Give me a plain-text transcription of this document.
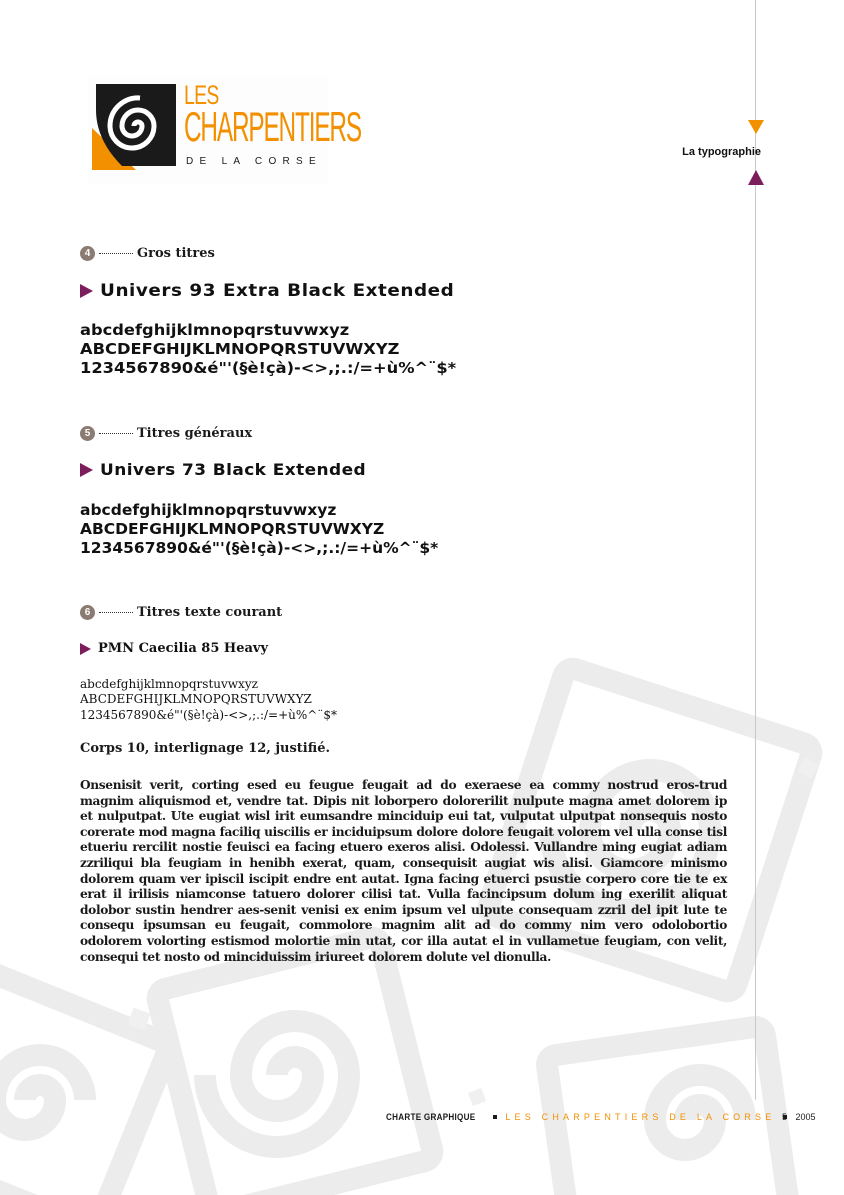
LES
CHARPENTIERS
DE LA CORSE
La typographie
4	Gros titres
Univers 93 Extra Black Extended
abcdefghijklmnopqrstuvwxyz
ABCDEFGHIJKLMNOPQRSTUVWXYZ
1234567890&é"'(§è!çà)-<>,;.:/=+ù%^¨$*
5	Titres généraux
Univers 73 Black Extended
abcdefghijklmnopqrstuvwxyz
ABCDEFGHIJKLMNOPQRSTUVWXYZ
1234567890&é"'(§è!çà)-<>,;.:/=+ù%^¨$*
6	Titres texte courant
PMN Caecilia 85 Heavy
abcdefghijklmnopqrstuvwxyz
ABCDEFGHIJKLMNOPQRSTUVWXYZ
1234567890&é"'(§è!çà)-<>,;.:/=+ù%^¨$*
Corps 10, interlignage 12, justifié.
Onsenisit verit, corting esed eu feugue feugait ad do exeraese ea commy nostrud eros-trud magnim aliquismod et, vendre tat. Dipis nit loborpero dolorerilit nulpute magna amet dolorem ip et nulputpat. Ute eugiat wisl irit eumsandre minciduip eui tat, vulputat ulputpat nonsequis nosto corerate mod magna faciliq uiscilis er inciduipsum dolore dolore feugait volorem vel ulla conse tisl etueriu rercilit nostie feuisci ea facing etuero exeros alisi. Odolessi. Vullandre ming eugiat adiam zzriliqui bla feugiam in henibh exerat, quam, consequisit augiat wis alisi. Giamcore minismo dolorem quam ver ipiscil iscipit endre ent autat. Igna facing etuerci psustie corpero core tie te ex erat il irilisis niamconse tatuero dolorer cilisi tat. Vulla facincipsum dolum ing exerilit aliquat dolobor sustin hendrer aes-senit venisi ex enim ipsum vel ulpute consequam zzril del ipit lute te consequ ipsumsan eu feugait, commolore magnim alit ad do commy nim vero odolobortio odolorem volorting estismod molortie min utat, cor illa autat el in vullametue feugiam, con velit, consequi tet nosto od minciduissim iriureet dolorem dolute vel dionulla.
CHARTE GRAPHIQUE	LES CHARPENTIERS DE LA CORSE 2005
5
